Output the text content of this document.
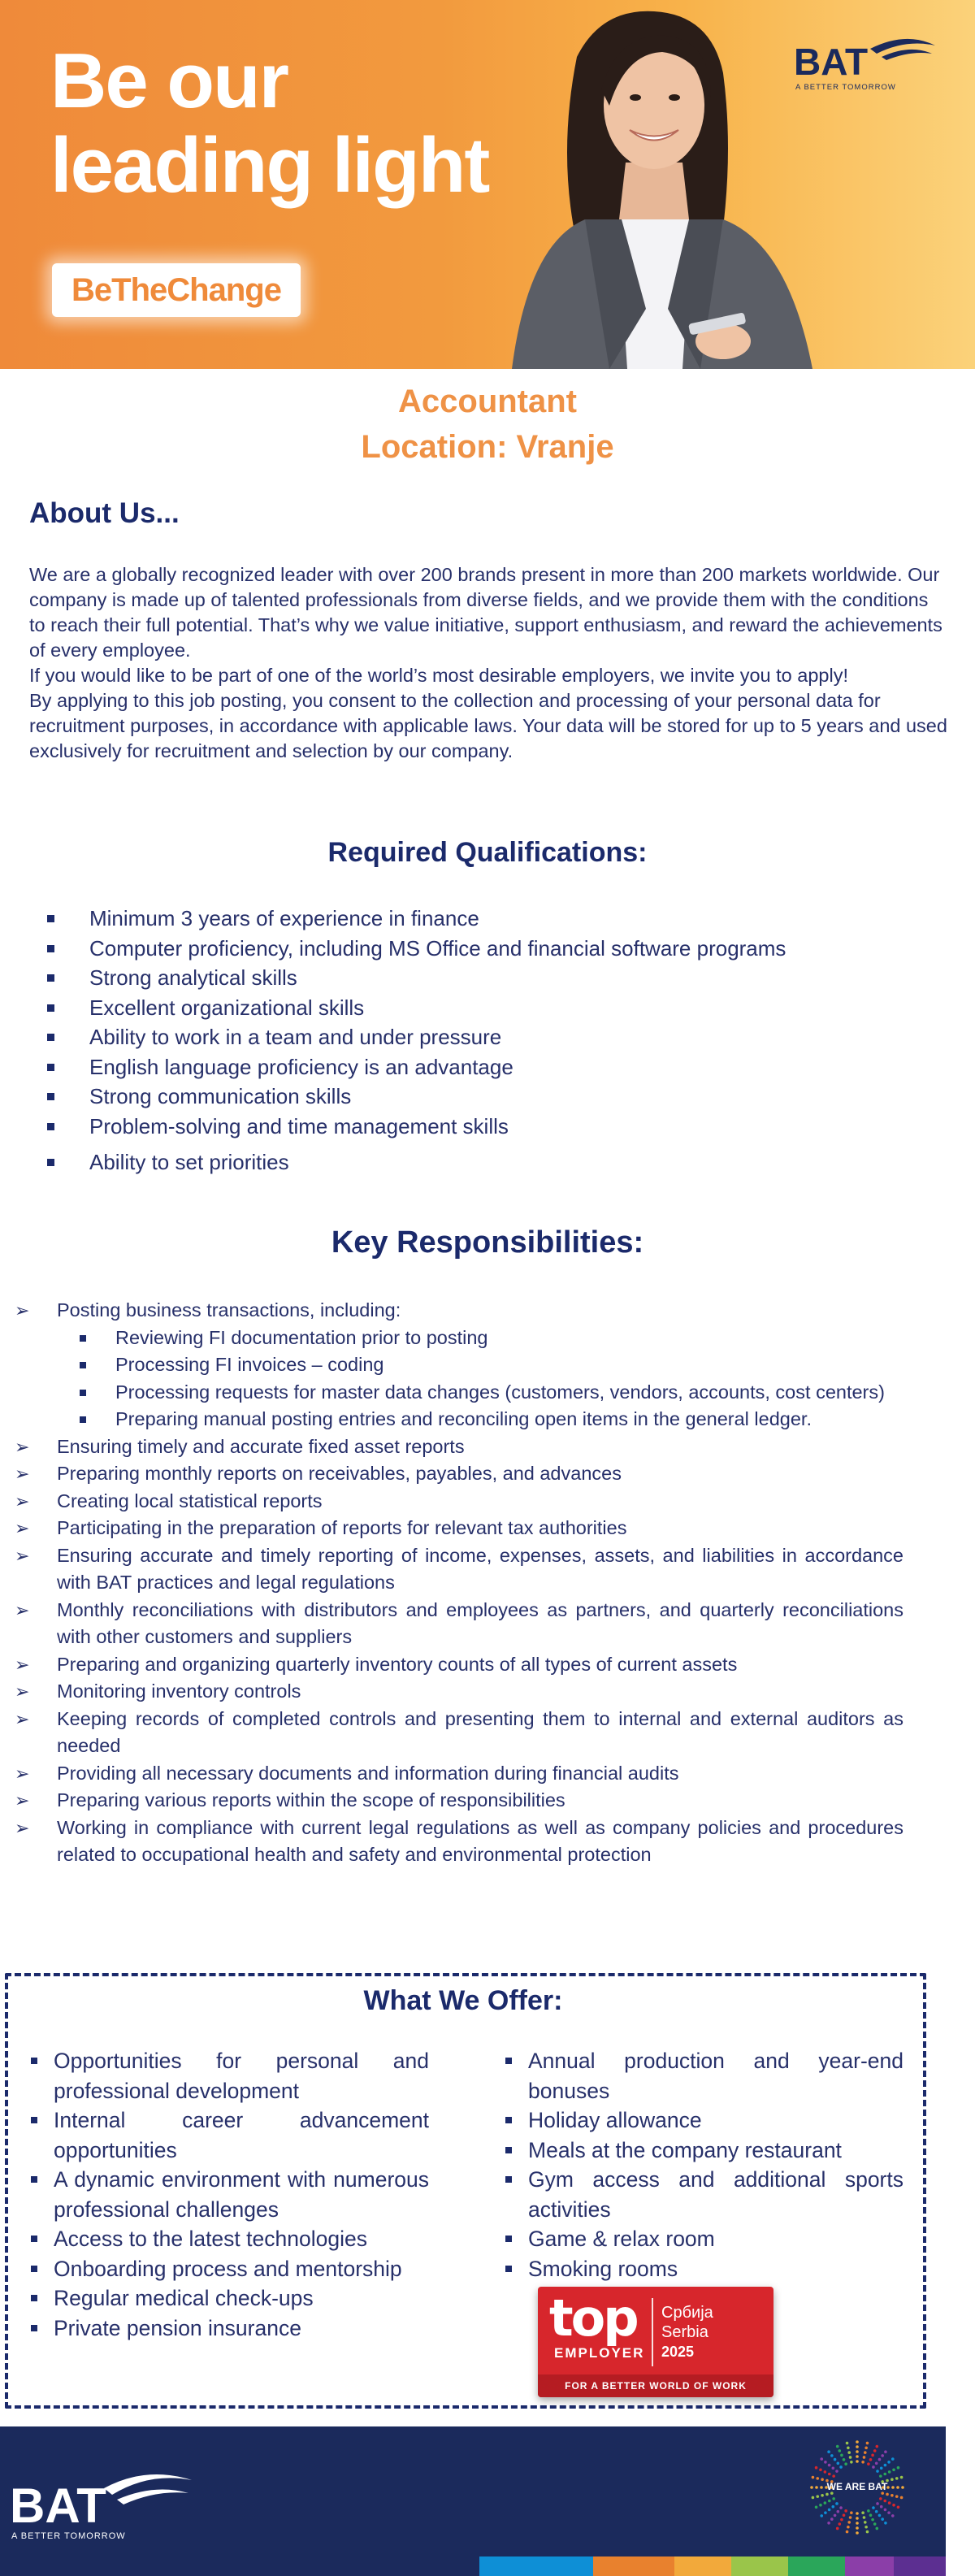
Be our
leading light
BeTheChange
BAT
A BETTER TOMORROW
Accountant
Location: Vranje
About Us...

We are a globally recognized leader with over 200 brands present in more than 200 markets worldwide. Our company is made up of talented professionals from diverse fields, and we provide them with the conditions to reach their full potential. That’s why we value initiative, support enthusiasm, and reward the achievements of every employee.

If you would like to be part of one of the world’s most desirable employers, we invite you to apply!

By applying to this job posting, you consent to the collection and processing of your personal data for recruitment purposes, in accordance with applicable laws. Your data will be stored for up to 5 years and used exclusively for recruitment and selection by our company.

Required Qualifications:
Minimum 3 years of experience in finance
Computer proficiency, including MS Office and financial software programs
Strong analytical skills
Excellent organizational skills
Ability to work in a team and under pressure
English language proficiency is an advantage
Strong communication skills
Problem-solving and time management skills
Ability to set priorities
Key Responsibilities:
➢ Posting business transactions, including:
Reviewing FI documentation prior to posting
Processing FI invoices – coding
Processing requests for master data changes (customers, vendors, accounts, cost centers)
Preparing manual posting entries and reconciling open items in the general ledger.
➢ Ensuring timely and accurate fixed asset reports
➢ Preparing monthly reports on receivables, payables, and advances
➢ Creating local statistical reports
➢ Participating in the preparation of reports for relevant tax authorities
➢ Ensuring accurate and timely reporting of income, expenses, assets, and liabilities in accordance with BAT practices and legal regulations
➢ Monthly reconciliations with distributors and employees as partners, and quarterly reconciliations with other customers and suppliers
➢ Preparing and organizing quarterly inventory counts of all types of current assets
➢ Monitoring inventory controls
➢ Keeping records of completed controls and presenting them to internal and external auditors as needed
➢ Providing all necessary documents and information during financial audits
➢ Preparing various reports within the scope of responsibilities
➢ Working in compliance with current legal regulations as well as company policies and procedures related to occupational health and safety and environmental protection
What We Offer:
Opportunities for personal and professional development
Internal career advancement opportunities
A dynamic environment with numerous professional challenges
Access to the latest technologies
Onboarding process and mentorship
Regular medical check-ups
Private pension insurance
Annual production and year-end bonuses
Holiday allowance
Meals at the company restaurant
Gym access and additional sports activities
Game & relax room
Smoking rooms
top
EMPLOYER
Србија
Serbia
2025
FOR A BETTER WORLD OF WORK
BAT
A BETTER TOMORROW
WE ARE BAT
